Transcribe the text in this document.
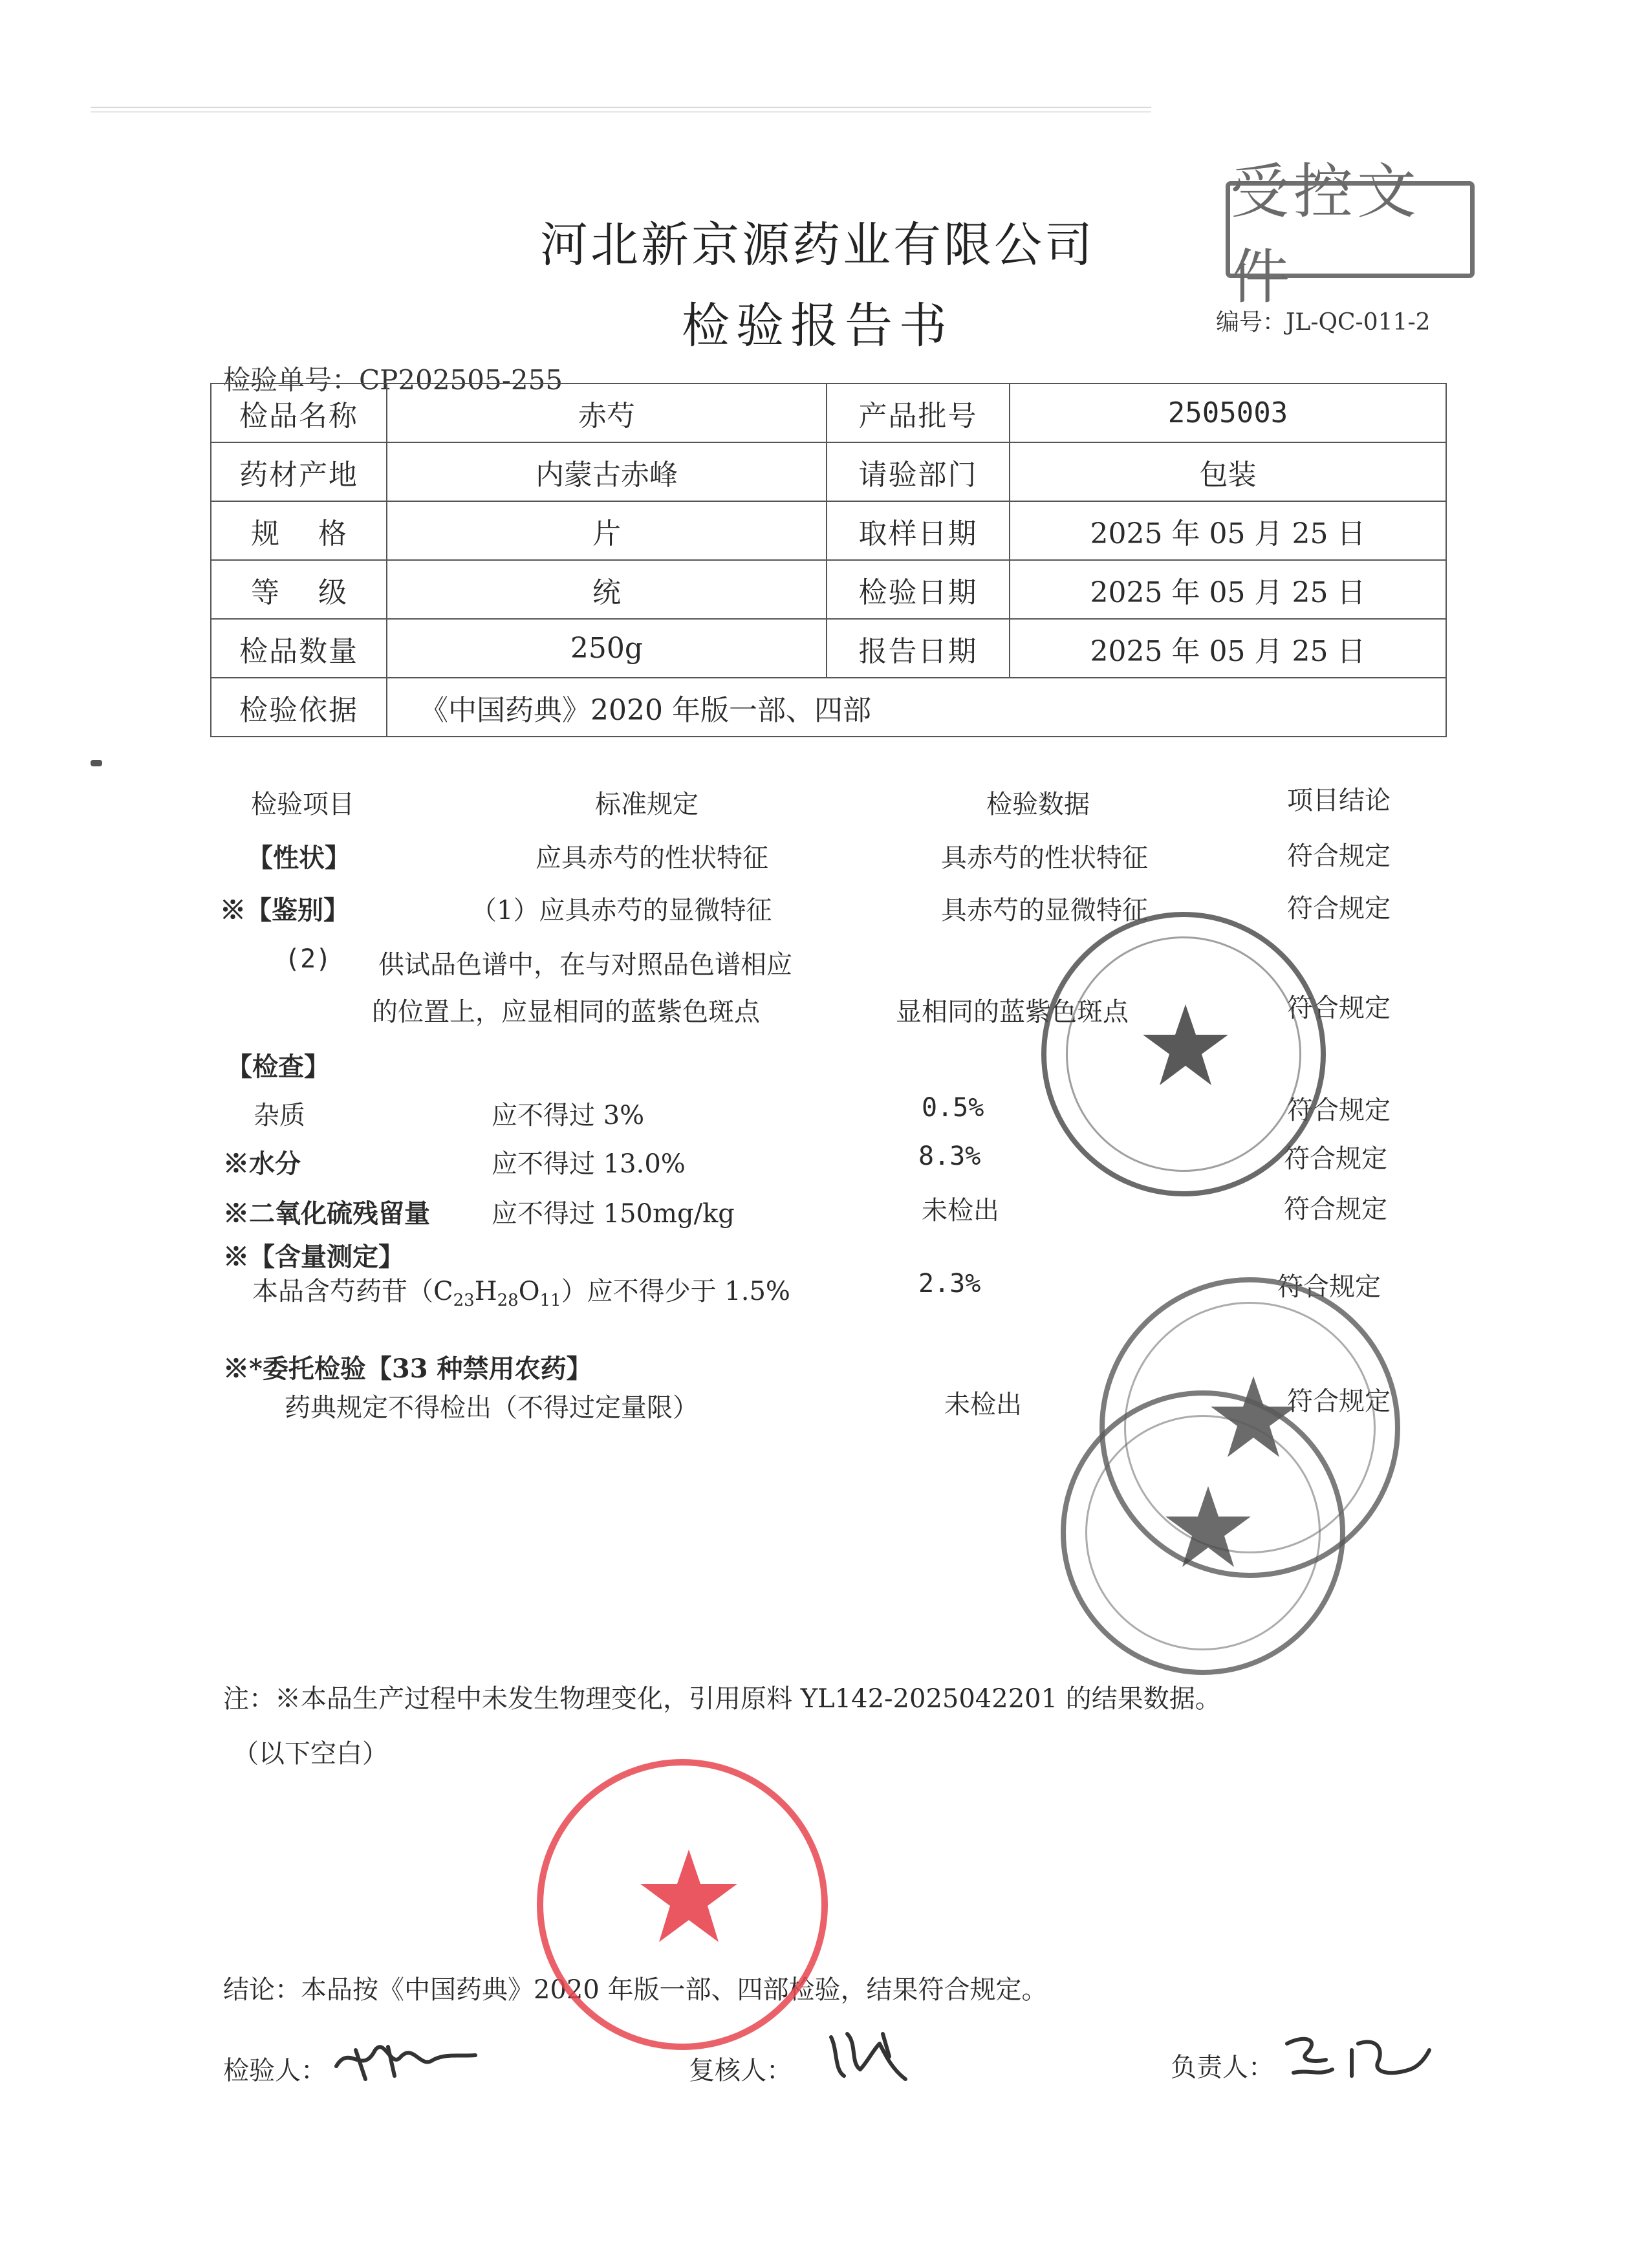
受控文件
河北新京源药业有限公司
检验报告书	编号：JL-QC-011-2
检验单号：CP202505-255
检品名称	赤芍	产品批号	2505003
药材产地	内蒙古赤峰	请验部门	包装
规格	片	取样日期	2025 年 05 月 25 日
等级	统	检验日期	2025 年 05 月 25 日
检品数量	250g	报告日期	2025 年 05 月 25 日
检验依据	《中国药典》2020 年版一部、四部		
检验项目	标准规定	检验数据	项目结论
【性状】	应具赤芍的性状特征	具赤芍的性状特征	符合规定
※【鉴别】	（1）应具赤芍的显微特征	具赤芍的显微特征	符合规定
(2) 供试品色谱中，在与对照品色谱相应
的位置上，应显相同的蓝紫色斑点	显相同的蓝紫色斑点	符合规定
【检查】
杂质	应不得过 3%	0.5%	符合规定
※水分	应不得过 13.0%	8.3%	符合规定
※二氧化硫残留量 应不得过 150mg/kg	未检出	符合规定
※【含量测定】
本品含芍药苷$(C_{23}H_{28}O_{11})$应不得少于 1.5%	2.3%	符合规定
※*委托检验【33 种禁用农药】
药典规定不得检出（不得过定量限）	未检出	符合规定
注：※本品生产过程中未发生物理变化，引用原料 YL142-2025042201 的结果数据。
（以下空白）
结论：本品按《中国药典》2020 年版一部、四部检验，结果符合规定。
检验人：	复核人：	负责人：
